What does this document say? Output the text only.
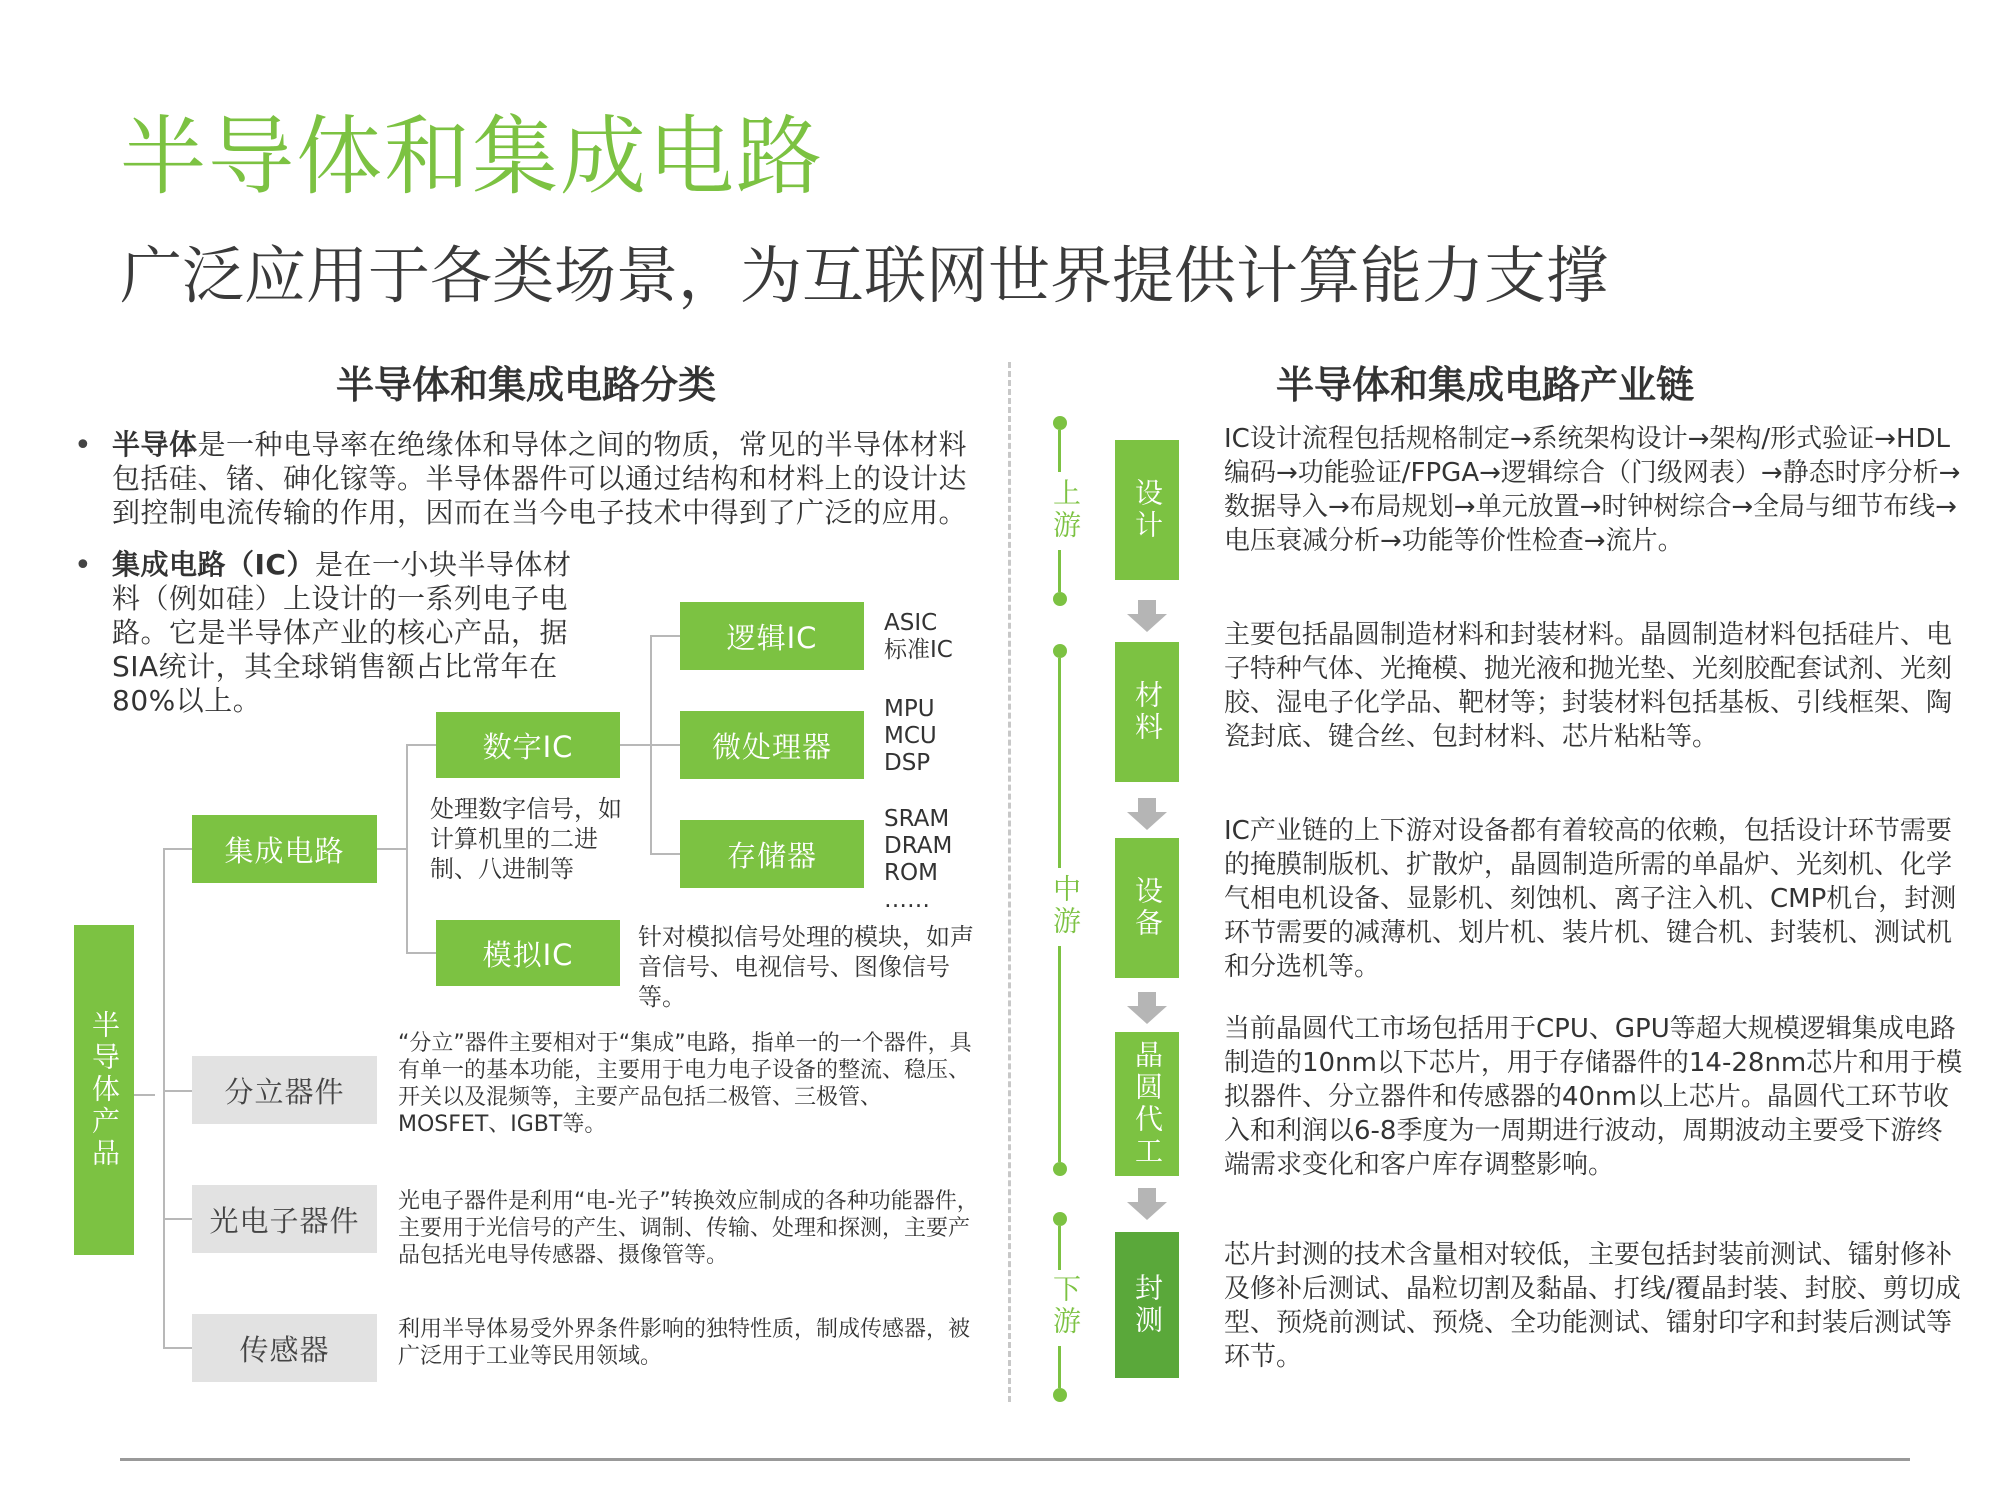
半导体和集成电路
广泛应用于各类场景，为互联网世界提供计算能力支撑
半导体和集成电路分类
• 半导体是一种电导率在绝缘体和导体之间的物质，常见的半导体材料包括硅、锗、砷化镓等。半导体器件可以通过结构和材料上的设计达到控制电流传输的作用，因而在当今电子技术中得到了广泛的应用。
• 集成电路（IC）是在一小块半导体材料（例如硅）上设计的一系列电子电路。它是半导体产业的核心产品，据SIA统计，其全球销售额占比常年在80%以上。
半导体产品
集成电路
数字IC
模拟IC
逻辑IC
微处理器
存储器
分立器件
光电子器件
传感器
ASIC
标准IC
MPU
MCU
DSP
SRAM
DRAM
ROM
……
处理数字信号，如计算机里的二进制、八进制等
针对模拟信号处理的模块，如声音信号、电视信号、图像信号等。
“分立”器件主要相对于“集成”电路，指单一的一个器件，具有单一的基本功能，主要用于电力电子设备的整流、稳压、开关以及混频等，主要产品包括二极管、三极管、MOSFET、IGBT等。
光电子器件是利用“电-光子”转换效应制成的各种功能器件，主要用于光信号的产生、调制、传输、处理和探测，主要产品包括光电导传感器、摄像管等。
利用半导体易受外界条件影响的独特性质，制成传感器，被广泛用于工业等民用领域。
半导体和集成电路产业链
上游
中游
下游
设计
材料
设备
晶圆代工
封测
IC设计流程包括规格制定→系统架构设计→架构/形式验证→HDL编码→功能验证/FPGA→逻辑综合（门级网表）→静态时序分析→数据导入→布局规划→单元放置→时钟树综合→全局与细节布线→电压衰减分析→功能等价性检查→流片。
主要包括晶圆制造材料和封装材料。晶圆制造材料包括硅片、电子特种气体、光掩模、抛光液和抛光垫、光刻胶配套试剂、光刻胶、湿电子化学品、靶材等；封装材料包括基板、引线框架、陶瓷封底、键合丝、包封材料、芯片粘粘等。
IC产业链的上下游对设备都有着较高的依赖，包括设计环节需要的掩膜制版机、扩散炉，晶圆制造所需的单晶炉、光刻机、化学气相电机设备、显影机、刻蚀机、离子注入机、CMP机台，封测环节需要的减薄机、划片机、装片机、键合机、封装机、测试机和分选机等。
当前晶圆代工市场包括用于CPU、GPU等超大规模逻辑集成电路制造的10nm以下芯片，用于存储器件的14-28nm芯片和用于模拟器件、分立器件和传感器的40nm以上芯片。晶圆代工环节收入和利润以6-8季度为一周期进行波动，周期波动主要受下游终端需求变化和客户库存调整影响。
芯片封测的技术含量相对较低，主要包括封装前测试、镭射修补及修补后测试、晶粒切割及黏晶、打线/覆晶封装、封胶、剪切成型、预烧前测试、预烧、全功能测试、镭射印字和封装后测试等环节。
